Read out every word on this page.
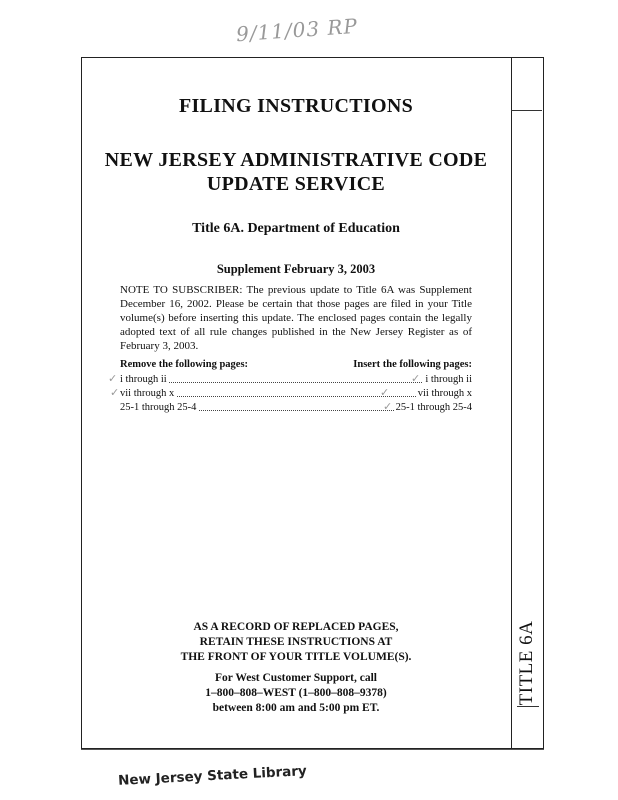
9/11/03 RP
TITLE 6A
FILING INSTRUCTIONS
NEW JERSEY ADMINISTRATIVE CODE
UPDATE SERVICE
Title 6A. Department of Education
Supplement February 3, 2003
NOTE TO SUBSCRIBER: The previous update to Title 6A was Supplement December 16, 2002. Please be certain that those pages are filed in your Title volume(s) before inserting this update. The enclosed pages contain the legally adopted text of all rule changes published in the New Jersey Register as of February 3, 2003.
Remove the following pages:	Insert the following pages:
i through ii	i through ii
vii through x	vii through x
25-1 through 25-4	25-1 through 25-4
✓
✓
✓
✓
✓
AS A RECORD OF REPLACED PAGES,
RETAIN THESE INSTRUCTIONS AT
THE FRONT OF YOUR TITLE VOLUME(S).
For West Customer Support, call
1–800–808–WEST (1–800–808–9378)
between 8:00 am and 5:00 pm ET.
New Jersey State Library
